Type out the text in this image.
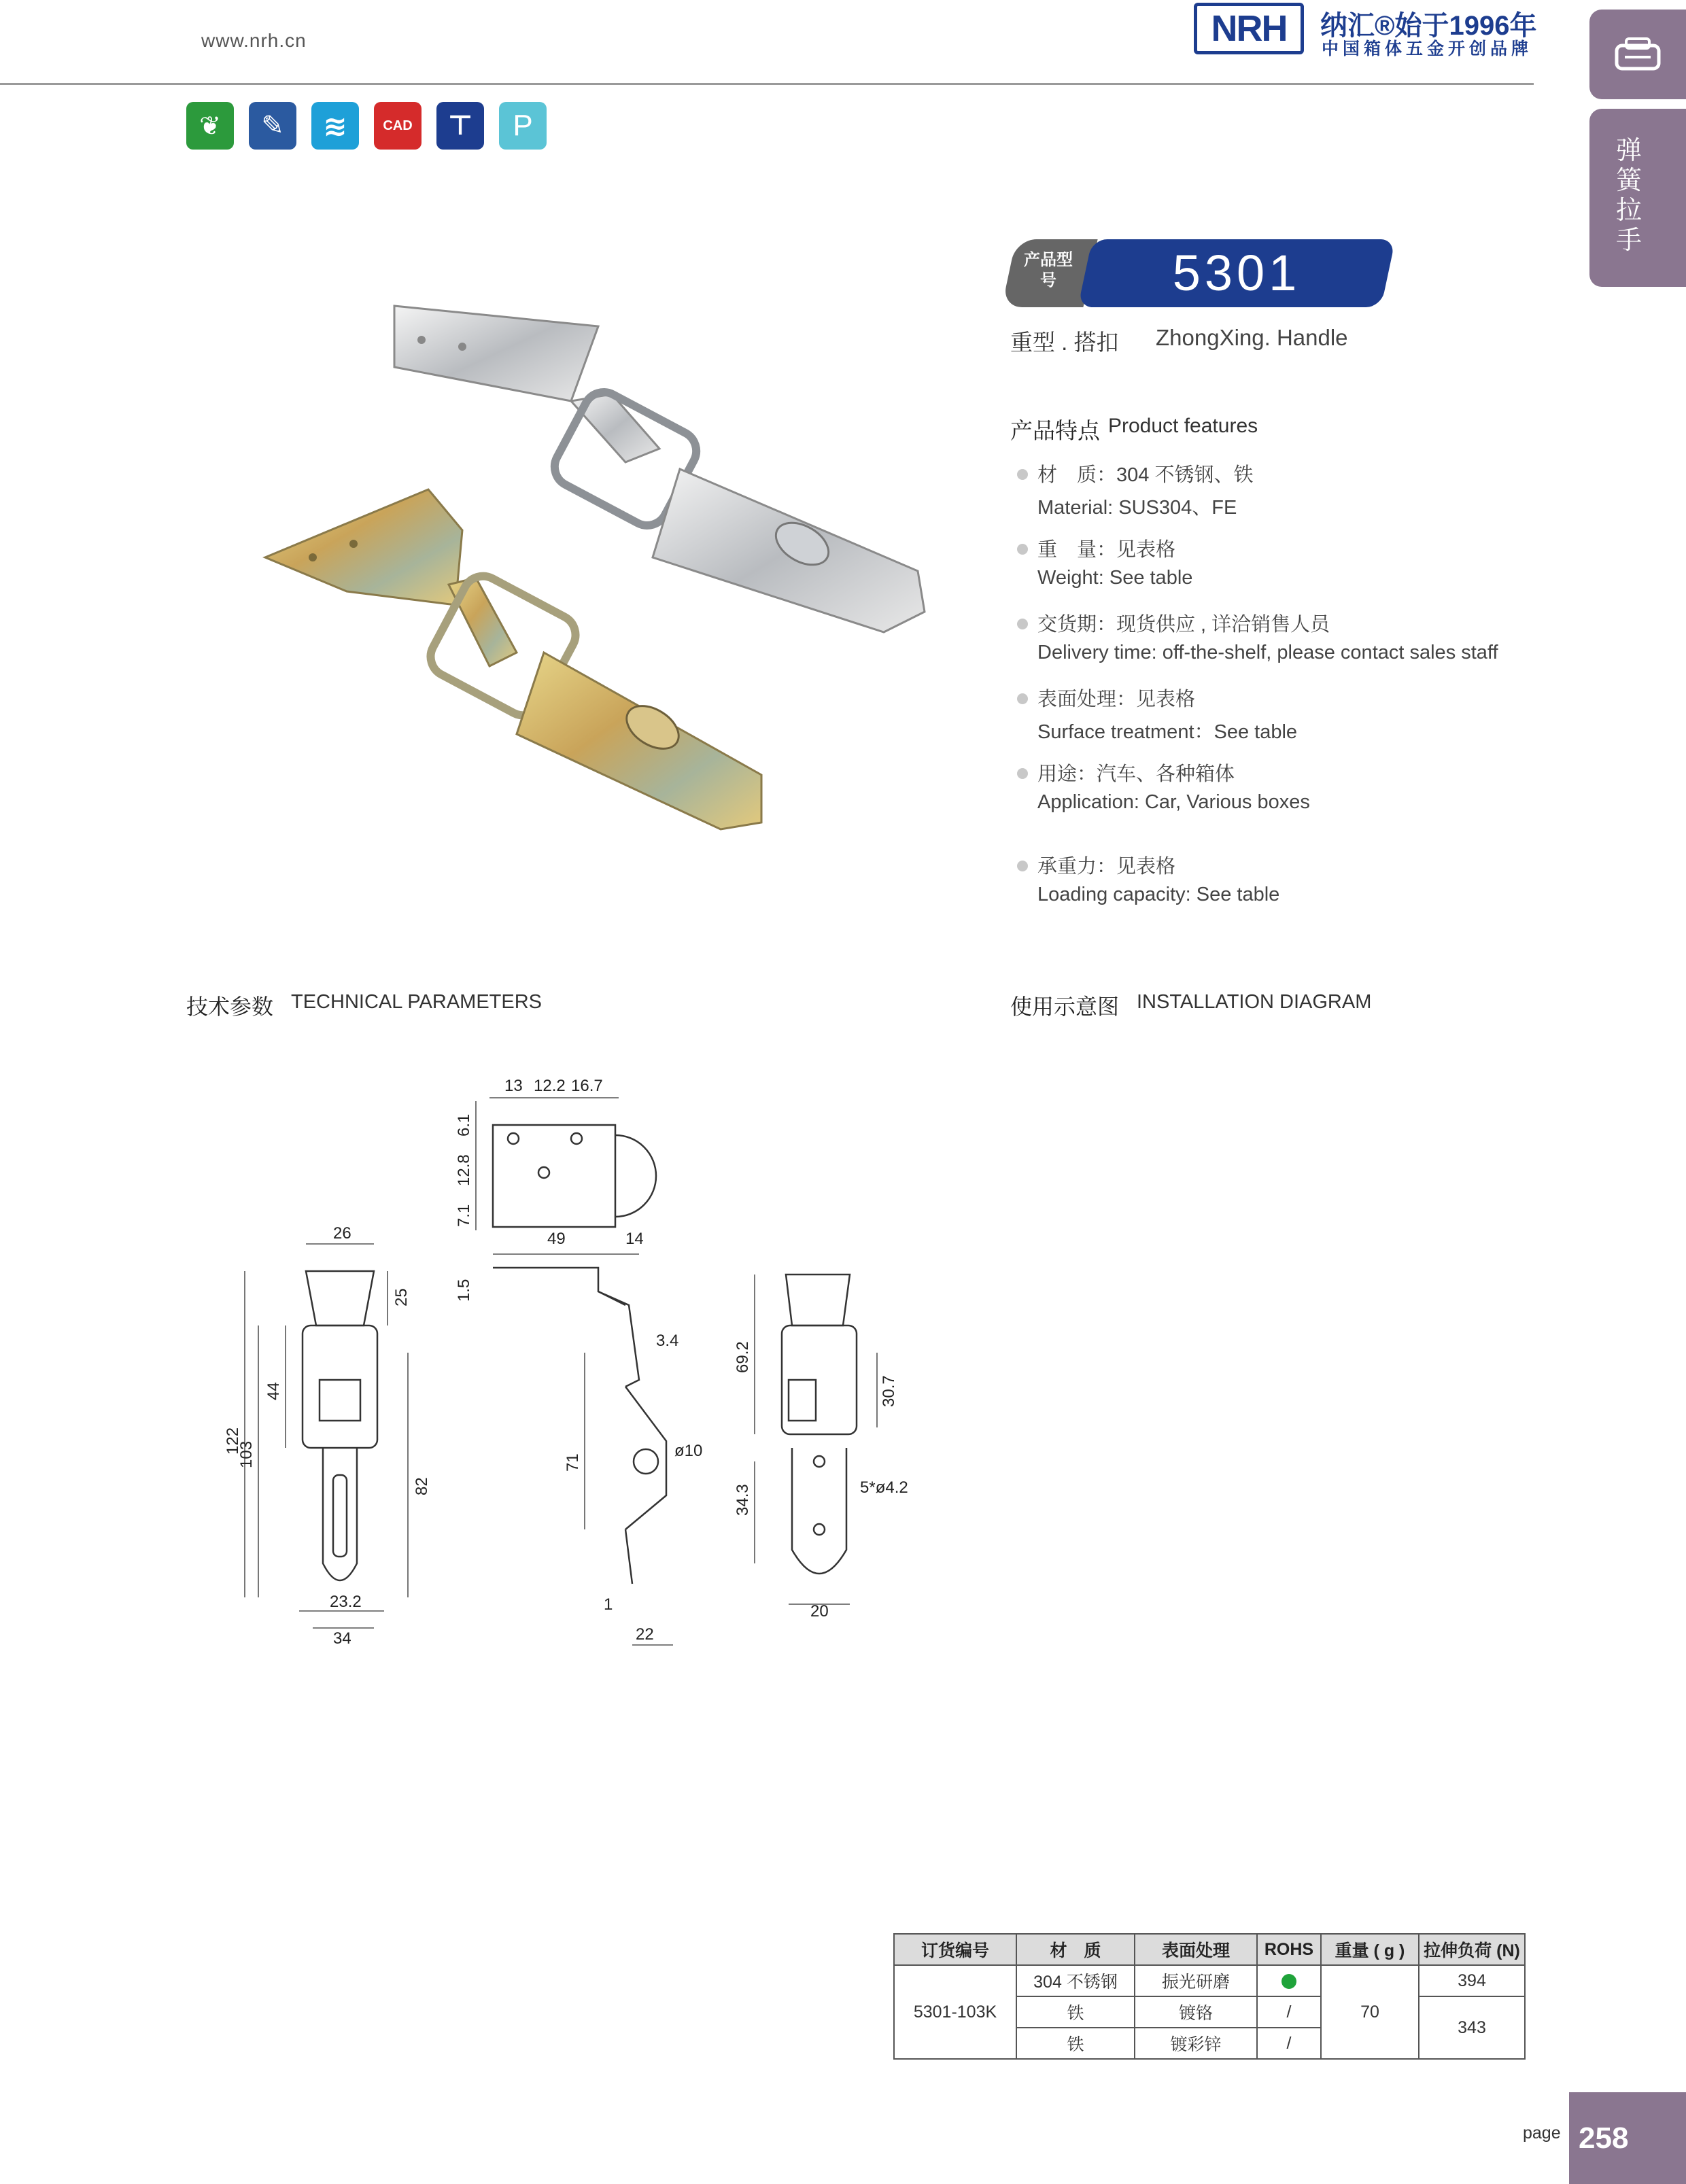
www.nrh.cn	NRH	纳汇®始于1996年
中国箱体五金开创品牌
弹簧拉手
❦	✎	≋	CAD	⊤	P
产品型号	5301
重型 . 搭扣 ZhongXing. Handle
产品特点 Product features
材　质：304 不锈钢、铁
Material: SUS304、FE
重　量：见表格
Weight: See table
交货期：现货供应 , 详洽销售人员
Delivery time: off-the-shelf, please contact sales staff
表面处理：见表格
Surface treatment：See table
用途：汽车、各种箱体
Application: Car, Various boxes
承重力：见表格
Loading capacity: See table
技术参数 TECHNICAL PARAMETERS	使用示意图 INSTALLATION DIAGRAM
13 12.2 16.7
6.1
12.8
7.1
26
25
44
122
103
82
23.2
34
49	14
1.5
3.4
71
ø10
1
22
69.2
30.7
5*ø4.2
34.3
20
订货编号	材　质	表面处理	ROHS	重量 ( g )	拉伸负荷 (N)
5301-103K	304 不锈钢	振光研磨		70	394
	铁	镀铬	/		343
	铁	镀彩锌	/		
page 258
